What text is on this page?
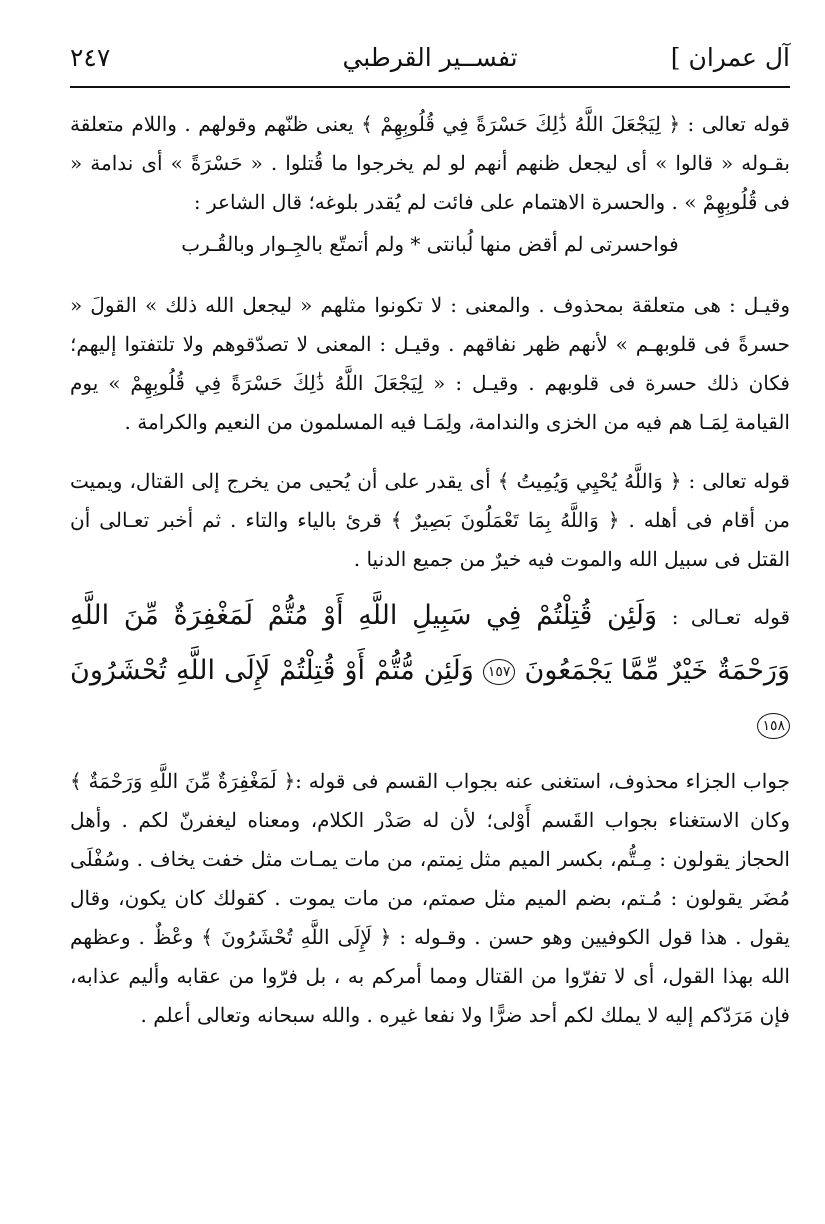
آل عمران ]
تفســير القرطبي
٢٤٧

قوله تعالى : ﴿ لِيَجْعَلَ اللَّهُ ذَٰلِكَ حَسْرَةً فِي قُلُوبِهِمْ ﴾ يعنى ظنّهم وقولهم . واللام متعلقة بقـوله « قالوا » أى ليجعل ظنهم أنهم لو لم يخرجوا ما قُتلوا . « حَسْرَةً » أى ندامة « فى قُلُوبِهِمْ » . والحسرة الاهتمام على فائت لم يُقدر بلوغه؛ قال الشاعر :

فواحسرتى لم أقض منها لُبانتى * ولم أتمتّع بالجِـوار وبالقُـرب

وقيـل : هى متعلقة بمحذوف . والمعنى : لا تكونوا مثلهم « ليجعل الله ذلك » القولَ « حسرةً فى قلوبهـم » لأنهم ظهر نفاقهم . وقيـل : المعنى لا تصدّقوهم ولا تلتفتوا إليهم؛ فكان ذلك حسرة فى قلوبهم . وقيـل : « لِيَجْعَلَ اللَّهُ ذَٰلِكَ حَسْرَةً فِي قُلُوبِهِمْ » يوم القيامة لِمَـا هم فيه من الخزى والندامة، ولِمَـا فيه المسلمون من النعيم والكرامة .

قوله تعالى : ﴿ وَاللَّهُ يُحْيِي وَيُمِيتُ ﴾ أى يقدر على أن يُحيى من يخرج إلى القتال، ويميت من أقام فى أهله . ﴿ وَاللَّهُ بِمَا تَعْمَلُونَ بَصِيرٌ ﴾ قرئ بالياء والتاء . ثم أخبر تعـالى أن القتل فى سبيل الله والموت فيه خيرٌ من جميع الدنيا .

قوله تعـالى : وَلَئِن قُتِلْتُمْ فِي سَبِيلِ اللَّهِ أَوْ مُتُّمْ لَمَغْفِرَةٌ مِّنَ اللَّهِ وَرَحْمَةٌ خَيْرٌ مِّمَّا يَجْمَعُونَ ١٥٧ وَلَئِن مُّتُّمْ أَوْ قُتِلْتُمْ لَإِلَى اللَّهِ تُحْشَرُونَ ١٥٨

جواب الجزاء محذوف، استغنى عنه بجواب القسم فى قوله :﴿ لَمَغْفِرَةٌ مِّنَ اللَّهِ وَرَحْمَةٌ ﴾ وكان الاستغناء بجواب القَسم أَوْلى؛ لأن له صَدْر الكلام، ومعناه ليغفرنّ لكم . وأهل الحجاز يقولون : مِـتُّم، بكسر الميم مثل نِمتم، من مات يمـات مثل خفت يخاف . وسُفْلَى مُضَر يقولون : مُـتم، بضم الميم مثل صمتم، من مات يموت . كقولك كان يكون، وقال يقول . هذا قول الكوفيين وهو حسن . وقـوله : ﴿ لَإِلَى اللَّهِ تُحْشَرُونَ ﴾ وعْظٌ . وعظهم الله بهذا القول، أى لا تفرّوا من القتال ومما أمركم به ، بل فرّوا من عقابه وأليم عذابه، فإن مَرَدّكم إليه لا يملك لكم أحد ضرًّا ولا نفعا غيره . والله سبحانه وتعالى أعلم .
